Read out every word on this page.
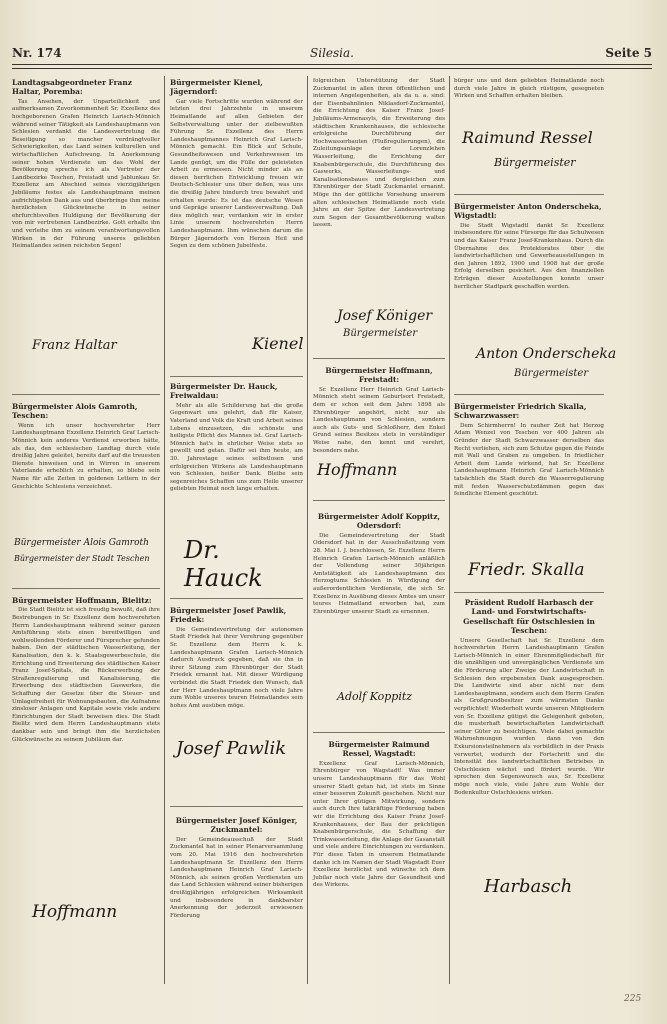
Nr. 174	Silesia.	Seite 5
Landtagsabgeordneter Franz Haltar, Poremba:
Tas Ansehen, der Unparteilichkeit und aufmerksamen Zuvorkommenheit Sr. Exzellenz des hochgeborenen Grafen Heinrich Larisch-Mönnich während seiner Tätigkeit als Landeshauptmann von Schlesien verdankt die Landesvertretung die Beseitigung so mancher verdrängtvoller Schwierigkeiten, das Land seinen kulturellen und wirtschaftlichen Aufschwung. In Anerkennung seiner hohen Verdienste um das Wohl der Bevölkerung spreche ich als Vertreter der Landbezirke Teschen, Freistadt und Jablunkau Sr. Exzellenz am Abschied seines vierzigjährigen Jubiläums festes als Landeshauptmann meinen aufrichtigsten Dank aus und überbringe ihm meine herzlichsten Glückwünsche in seiner ehrfurchtsvollen Huldigung der Bevölkerung der von mir vertretenen Landbezirke. Gott erhalte ihn und verleihe ihm zu seinem verantwortungsvollen Wirken in der Führung unseres geliebten Heimatlandes seinen reichsten Segen!
Franz Haltar
Bürgermeister Alois Gamroth, Teschen:
Wenn ich unser hochverehrter Herr Landeshauptmann Exzellenz Heinrich Graf Larisch-Mönnich kein anderes Verdienst erworben hätte, als das, den schlesischen Landtag durch viele dreißig Jahre geleitet, bereits darf auf die treuesten Dienste hinweisen und in Wirren in unserem Vaterlande erheblich zu erhalten, so bliebe sein Name für alle Zeiten in goldenen Lettern in der Geschichte Schlesiens verzeichnet.
Bürgermeister Alois Gamroth
Bürgermeister der Stadt Teschen
Bürgermeister Hoffmann, Bielitz:
Die Stadt Bielitz ist sich freudig bewußt, daß ihre Bestrebungen in Sr. Exzellenz dem hochverehrten Herrn Landeshauptmann während seiner ganzen Amtsführung stets einen bereitwilligen und wohlwollenden Förderer und Fürsprecher gefunden haben. Den der städtischen Wasserleitung, der Kanalisation, den k. k. Staatsgewerbeschule, die Errichtung und Erweiterung des städtischen Kaiser Franz Josef-Spitals, die Rückerwerbung der Straßenregulierung und Kanalisierung, die Erwerbung des städtischen Gaswerkes, die Schaffung der Gesetze über die Steuer- und Umlagefreiheit für Wohnungsbauten, die Aufnahme zinsloser Anlagen und Kapitale sowie viele andere Einrichtungen der Stadt beweisen dies. Die Stadt Bielitz wird dem Herrn Landeshauptmann stets dankbar sein und bringt ihm die herzlichsten Glückwünsche zu seinem Jubiläum dar.
Hoffmann
Bürgermeister Kienel, Jägerndorf:
Gar viele Fortschritte wurden während der letzten drei Jahrzehnte in unserem Heimatlande auf allen Gebieten der Selbstverwaltung unter der zielbewußten Führung Sr. Exzellenz des Herrn Landeshauptmannes Heinrich Graf Larisch-Mönnich gemacht. Ein Blick auf Schule, Gesundheitswesen und Verkehrswesen im Lande genügt, um die Fülle der geleisteten Arbeit zu ermessen. Nicht minder als an diesen herrlichen Entwicklung freuen wir Deutsch-Schlesier uns über deßen, was uns die dreißig Jahre hindurch treu bewahrt und erhalten wurde: Es ist das deutsche Wesen und Gepräge unserer Landesverwaltung. Daß dies möglich war, verdanken wir in erster Linie unserem hochverehrten Herrn Landeshauptmann. Ihm wünschen darum die Bürger Jägerndorfs von Herzen Heil und Segen zu dem schönen Jubelfeste.
Kienel
Bürgermeister Dr. Hauck, Freiwaldau:
Mehr als alle Schilderung hat die große Gegenwart uns gelehrt, daß für Kaiser, Vaterland und Volk die Kraft und Arbeit seines Lebens einzusetzen, die schönste und heiligste Pflicht des Mannes ist. Graf Larisch-Mönnich hat's in ehrlicher Weise stets so gewollt und getan. Dafür sei ihm heute, am 30. Jahrestage seines selbstlosen und erfolgreichen Wirkens als Landeshauptmann von Schlesien, heißer Dank. Bleibe sein segenreiches Schaffen uns zum Heile unserer geliebten Heimat noch lange erhalten.
Dr. Hauck
Bürgermeister Josef Pawlik, Friedek:
Die Gemeindevertretung der autonomen Stadt Friedek hat ihrer Verehrung gegenüber Sr. Exzellenz dem Herrn k. k. Landeshauptmann Grafen Larisch-Mönnich dadurch Ausdruck gegeben, daß sie ihn in ihrer Sitzung zum Ehrenbürger der Stadt Friedek ernannt hat. Mit dieser Würdigung verbindet die Stadt Friedek den Wunsch, daß der Herr Landeshauptmann noch viele Jahre zum Wohle unseres teuren Heimatlandes sein hohes Amt ausüben möge.
Josef Pawlik
Bürgermeister Josef Königer, Zuckmantel:
Der Gemeindeausschuß der Stadt Zuckmantel hat in seiner Plenarversammlung vom 20. Mai 1916 den hochverehrten Landeshauptmann Sr. Exzellenz den Herrn Landeshauptmann Heinrich Graf Larisch-Mönnich, als seinen großen Verdiensten um das Land Schlesien während seiner bisherigen dreißigjährigen erfolgreichen Wirksamkeit und insbesondere in dankbarster Anerkennung der jederzeit erwiesenen Förderung
folgreichen Unterstützung der Stadt Zuckmantel in allen ihren öffentlichen und internen Angelegenheiten, als da u. a. sind: der Eisenbahnlinien Niklasdorf-Zuckmantel, die Errichtung des Kaiser Franz Josef-Jubiläums-Armenasyls, die Erweiterung des städtischen Krankenhauses, die schlesische erfolgreiche Durchführung der Hochwasserbauten (Flußregulierungen), die Zuleitungsanlage der Lorenzlehen Wasserleitung, die Errichtung der Knabenbürgerschule, die Durchführung des Gaswerks, Wasserleitungs- und Kanalisationsbaues und dergleichen zum Ehrenbürger der Stadt Zuckmantel ernannt. Möge ihn der göttliche Vorsehung unserem alten schlesischen Heimatlande noch viele Jahre an der Spitze der Landesvertretung zum Segen der Gesamtbevölkerung walten lassen.
Josef Königer
Bürgermeister
Bürgermeister Hoffmann, Freistadt:
Sr. Exzellenz Herr Heinrich Graf Larisch-Mönnich steht seinem Geburtsort Freistadt, dem er schon seit dem Jahre 1898 als Ehrenbürger angehört, nicht nur als Landeshauptmann von Schlesien, sondern auch als Guts- und Schloßherr, den Enkel Grund seines Besitzes stets in verständiger Weise nahe, den kennt und verehrt, besonders nahe.
Hoffmann
Bürgermeister Adolf Koppitz, Odersdorf:
Die Gemeindevertretung der Stadt Odersdorf hat in der Ausschußsitzung vom 28. Mai l. J. beschlossen, Sr. Exzellenz Herrn Heinrich Grafen Larisch-Mönnich anläßlich der Vollendung seiner 30jährigen Amtstätigkeit als Landeshauptmann des Herzogtums Schlesien in Würdigung der außerordentlichen Verdienste, die sich Sr. Exzellenz in Ausübung dieses Amtes um unser teures Heimatland erworben hat, zum Ehrenbürger unserer Stadt zu ernennen.
Adolf Koppitz
Bürgermeister Raimund Ressel, Wagstadt:
Exzellenz Graf Larisch-Mönnich, Ehrenbürger von Wagstadt! Was immer unsere Landeshauptmann für das Wohl unserer Stadt getan hat, ist stets im Sinne einer besseren Zukunft geschehen. Nicht nur unter Ihrer gütigen Mitwirkung, sondern auch durch Ihre tatkräftige Förderung haben wir die Errichtung des Kaiser Franz Josef-Krankenhauses, der Bau der prächtigen Knabenbürgerschule, die Schaffung der Trinkwasserleitung, die Anlage der Gasanstalt und viele andere Einrichtungen zu verdanken. Für diese Taten in unserem Heimatlande danke ich im Namen der Stadt Wagstadt Euer Exzellenz herzlichst und wünsche ich dem Jubilar noch viele Jahre der Gesundheit und des Wirkens.
bürger uns und dem geliebten Heimatlande noch durch viele Jahre in gleich rüstigem, gesegneten Wirken und Schaffen erhalten bleiben.
Raimund Ressel
Bürgermeister
Bürgermeister Anton Onderscheka, Wigstadtl:
Die Stadt Wigstadtl dankt Sr. Exzellenz insbesondere für seine Fürsorge für das Schulwesen und das Kaiser Franz Josef-Krankenhaus. Durch die Übernahme des Protektorates über die landwirtschaftlichen und Gewerbeausstellungen in den Jahren 1892, 1900 und 1908 hat der große Erfolg derselben gesichert. Aus den finanziellen Erträgen dieser Ausstellungen konnte unser herrlicher Stadtpark geschaffen werden.
Anton Onderscheka
Bürgermeister
Bürgermeister Friedrich Skalla, Schwarzwasser:
Dem Schirmherrn! In rauher Zeit hat Herzog Adam Wenzel von Teschen vor 400 Jahren als Gründer der Stadt Schwarzwasser derselben das Recht verliehen, sich zum Schutze gegen die Feinde mit Wall und Graben zu umgeben. In friedlicher Arbeit dem Lande wirkend, hat Sr. Exzellenz Landeshauptmann Heinrich Graf Larisch-Mönnich tatsächlich die Stadt durch die Wasserregulierung mit festen Wasserschutzdämmen gegen das feindliche Element geschützt.
Friedr. Skalla
Präsident Rudolf Harbasch der Land- und Forstwirtschafts-Gesellschaft für Ostschlesien in Teschen:
Unsere Gesellschaft hat Sr. Exzellenz dem hochverehrten Herrn Landeshauptmann Grafen Larisch-Mönnich in einer Ehrenmitgliedschaft für die unzähligen und unvergänglichen Verdienste um die Förderung aller Zweige der Landwirtschaft in Schlesien den ergebensten Dank ausgesprochen. Die Landwirte sind aber nicht nur dem Landeshauptmann, sondern auch dem Herrn Grafen als Großgrundbesitzer zum wärmsten Danke verpflichtet! Wiederholt wurde unseren Mitgliedern von Sr. Exzellenz gütigst die Gelegenheit geboten, die musterhaft bewirtschafteten Landwirtschaft seiner Güter zu besichtigen. Viele dabei gemachte Wahrnehmungen wurden dann von den Exkursionsteilnehmern als vorbildlich in der Praxis verwertet, wodurch der Fortschritt und die Intensität des landwirtschaftlichen Betriebes in Ostschlesien wächst und fördert wurde. Wir sprechen den Segenswunsch aus, Sr. Exzellenz möge noch viele, viele Jahre zum Wohle der Bodenkultur Ostschlesiens wirken.
Harbasch
225
